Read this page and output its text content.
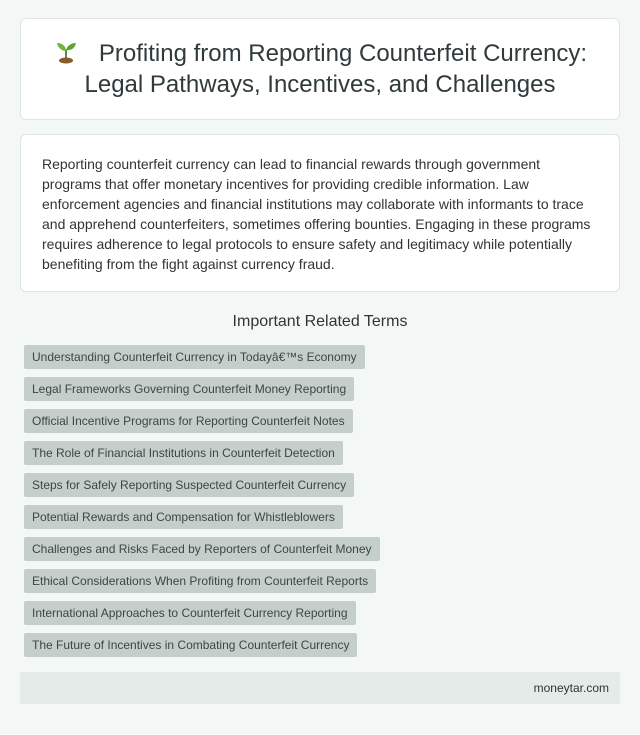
Profiting from Reporting Counterfeit Currency: Legal Pathways, Incentives, and Challenges

Reporting counterfeit currency can lead to financial rewards through government programs that offer monetary incentives for providing credible information. Law enforcement agencies and financial institutions may collaborate with informants to trace and apprehend counterfeiters, sometimes offering bounties. Engaging in these programs requires adherence to legal protocols to ensure safety and legitimacy while potentially benefiting from the fight against currency fraud.

Important Related Terms
Understanding Counterfeit Currency in Todayâ€™s Economy
Legal Frameworks Governing Counterfeit Money Reporting
Official Incentive Programs for Reporting Counterfeit Notes
The Role of Financial Institutions in Counterfeit Detection
Steps for Safely Reporting Suspected Counterfeit Currency
Potential Rewards and Compensation for Whistleblowers
Challenges and Risks Faced by Reporters of Counterfeit Money
Ethical Considerations When Profiting from Counterfeit Reports
International Approaches to Counterfeit Currency Reporting
The Future of Incentives in Combating Counterfeit Currency
moneytar.com
